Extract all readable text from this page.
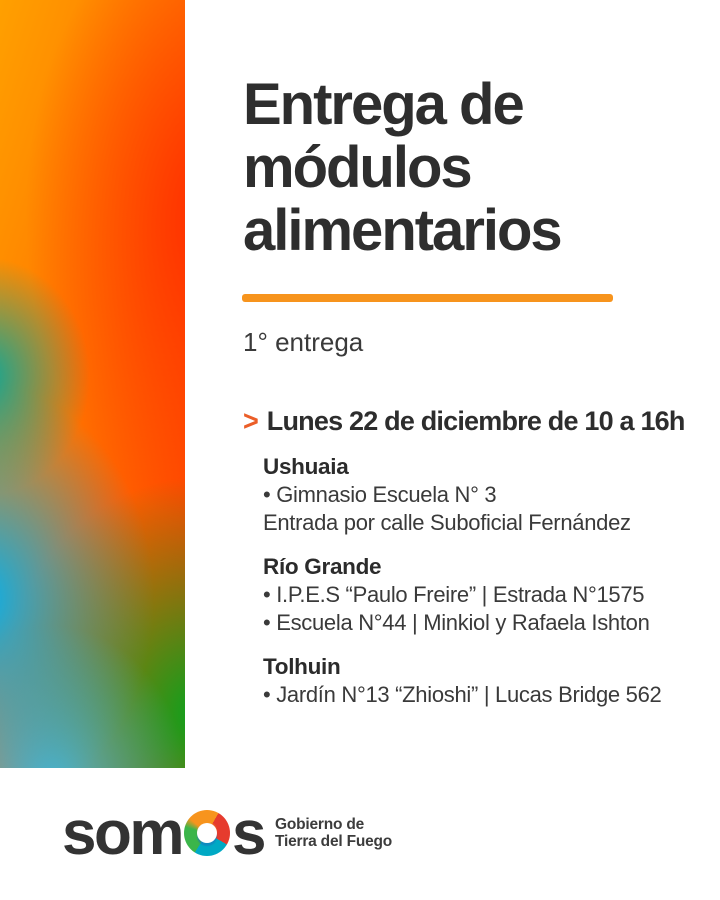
Entrega de
módulos
alimentarios
1° entrega
> Lunes 22 de diciembre de 10 a 16h
Ushuaia
• Gimnasio Escuela N° 3
Entrada por calle Suboficial Fernández
Río Grande
• I.P.E.S “Paulo Freire” | Estrada N°1575
• Escuela N°44 | Minkiol y Rafaela Ishton
Tolhuin
• Jardín N°13 “Zhioshi” | Lucas Bridge 562
som s Gobierno de
Tierra del Fuego
